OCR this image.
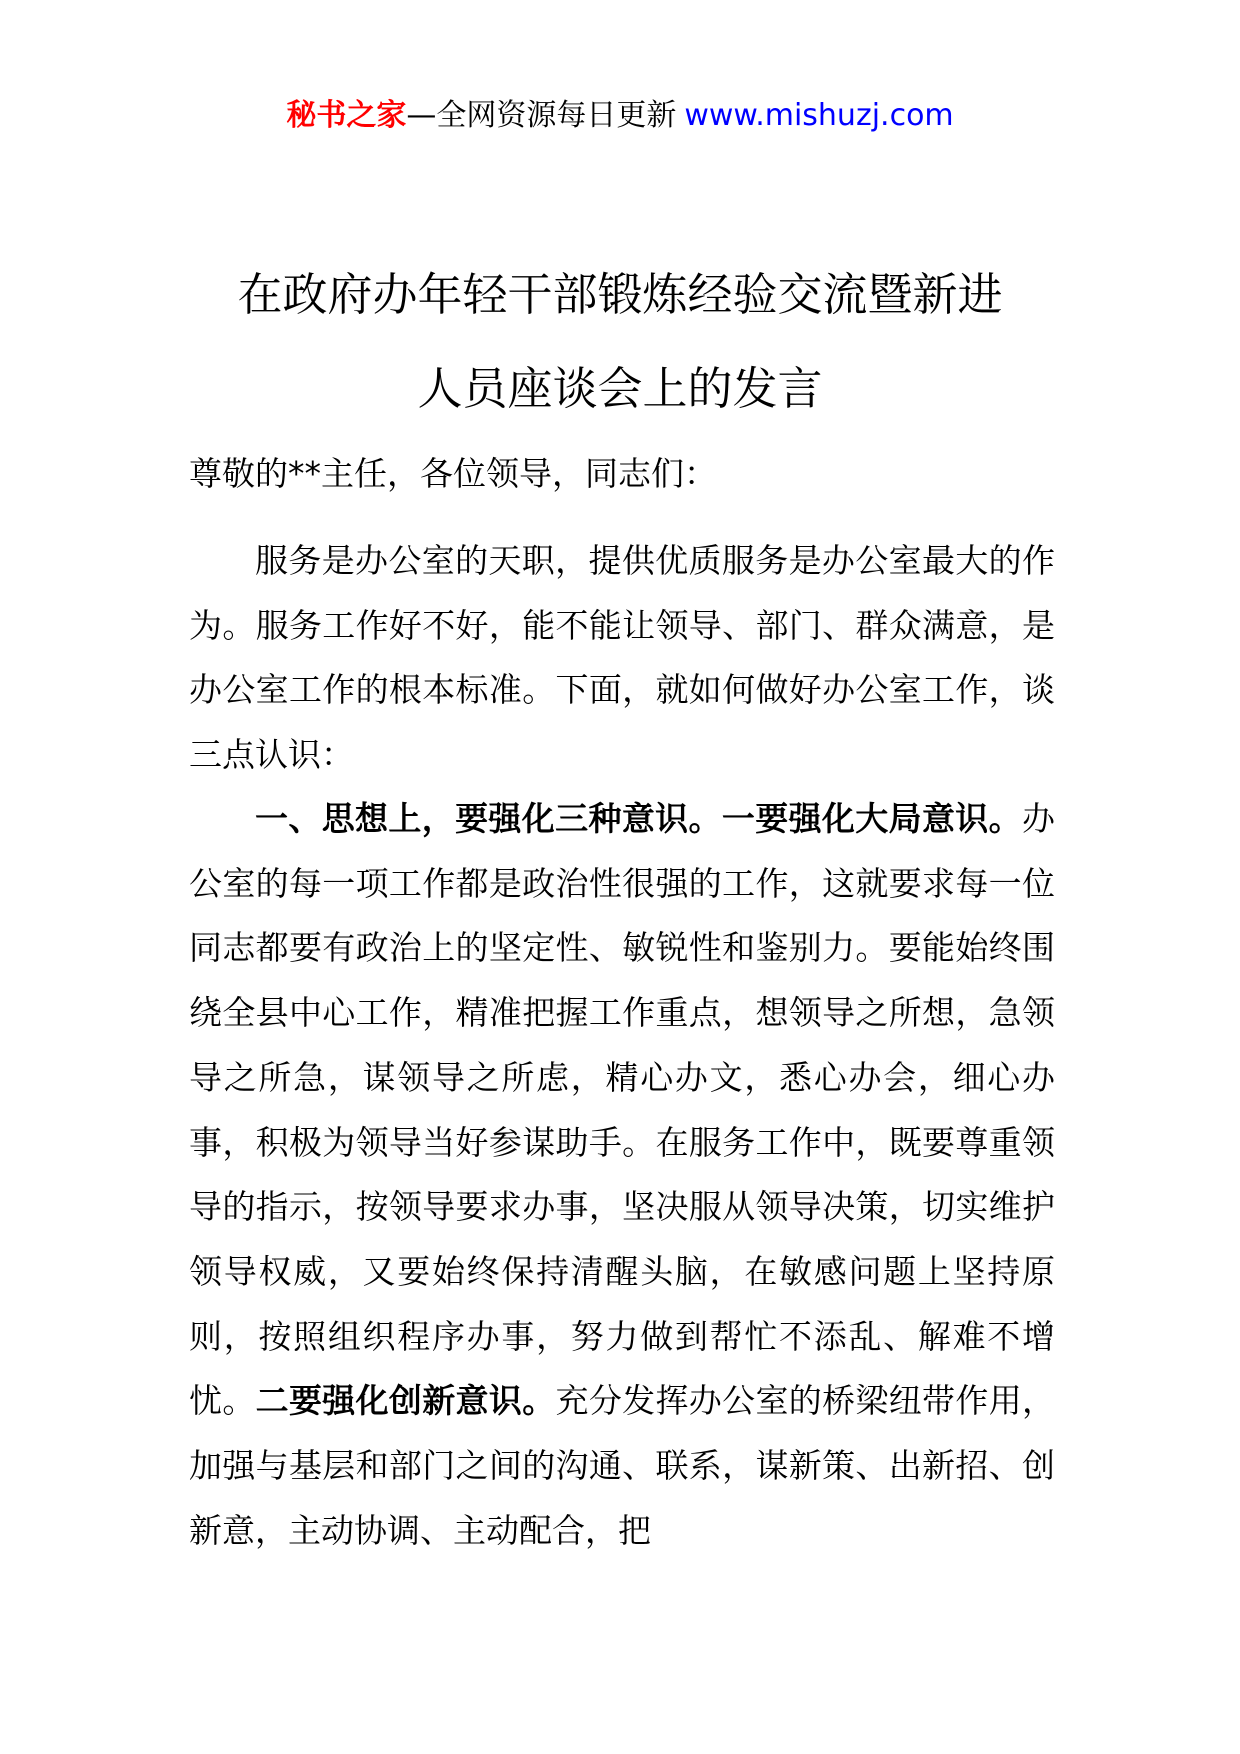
秘书之家—全网资源每日更新 www.mishuzj.com
在政府办年轻干部锻炼经验交流暨新进
人员座谈会上的发言
尊敬的**主任，各位领导，同志们：

服务是办公室的天职，提供优质服务是办公室最大的作为。服务工作好不好，能不能让领导、部门、群众满意，是办公室工作的根本标准。下面，就如何做好办公室工作，谈三点认识：

一、思想上，要强化三种意识。一要强化大局意识。办公室的每一项工作都是政治性很强的工作，这就要求每一位同志都要有政治上的坚定性、敏锐性和鉴别力。要能始终围绕全县中心工作，精准把握工作重点，想领导之所想，急领导之所急，谋领导之所虑，精心办文，悉心办会，细心办事，积极为领导当好参谋助手。在服务工作中，既要尊重领导的指示，按领导要求办事，坚决服从领导决策，切实维护领导权威，又要始终保持清醒头脑，在敏感问题上坚持原则，按照组织程序办事，努力做到帮忙不添乱、解难不增忧。二要强化创新意识。充分发挥办公室的桥梁纽带作用，加强与基层和部门之间的沟通、联系，谋新策、出新招、创新意，主动协调、主动配合，把
